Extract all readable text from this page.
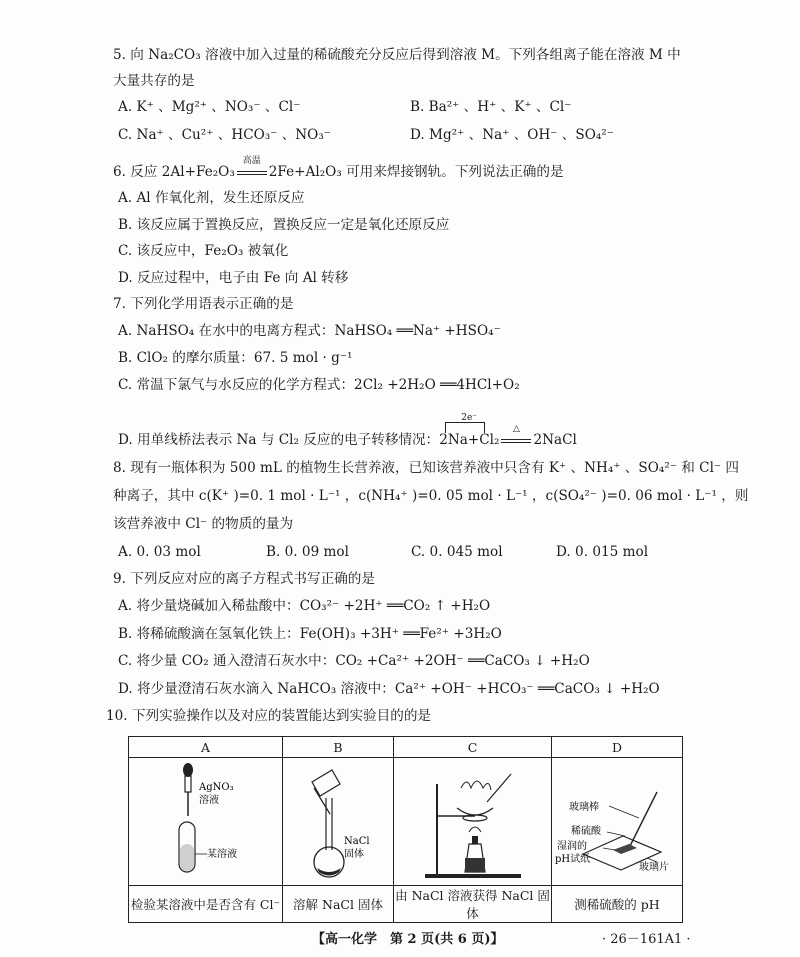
5. 向 Na₂CO₃ 溶液中加入过量的稀硫酸充分反应后得到溶液 M。下列各组离子能在溶液 M 中
大量共存的是
A. K⁺ 、Mg²⁺ 、NO₃⁻ 、Cl⁻	B. Ba²⁺ 、H⁺ 、K⁺ 、Cl⁻
C. Na⁺ 、Cu²⁺ 、HCO₃⁻ 、NO₃⁻	D. Mg²⁺ 、Na⁺ 、OH⁻ 、SO₄²⁻
6. 反应 2Al+Fe₂O₃
高温
2Fe+Al₂O₃ 可用来焊接钢轨。下列说法正确的是
A. Al 作氧化剂，发生还原反应
B. 该反应属于置换反应，置换反应一定是氧化还原反应
C. 该反应中，Fe₂O₃ 被氧化
D. 反应过程中，电子由 Fe 向 Al 转移
7. 下列化学用语表示正确的是
A. NaHSO₄ 在水中的电离方程式：NaHSO₄ ══Na⁺ +HSO₄⁻
B. ClO₂ 的摩尔质量：67. 5 mol · g⁻¹
C. 常温下氯气与水反应的化学方程式：2Cl₂ +2H₂O ══4HCl+O₂
D. 用单线桥法表示 Na 与 Cl₂ 反应的电子转移情况：
2e⁻
2Na+Cl₂
△
2NaCl
8. 现有一瓶体积为 500 mL 的植物生长营养液，已知该营养液中只含有 K⁺ 、NH₄⁺ 、SO₄²⁻ 和 Cl⁻ 四
种离子，其中 c(K⁺ )=0. 1 mol · L⁻¹ ，c(NH₄⁺ )=0. 05 mol · L⁻¹ ，c(SO₄²⁻ )=0. 06 mol · L⁻¹ ，则
该营养液中 Cl⁻ 的物质的量为
A. 0. 03 mol	B. 0. 09 mol	C. 0. 045 mol	D. 0. 015 mol
9. 下列反应对应的离子方程式书写正确的是
A. 将少量烧碱加入稀盐酸中：CO₃²⁻ +2H⁺ ══CO₂ ↑ +H₂O
B. 将稀硫酸滴在氢氧化铁上：Fe(OH)₃ +3H⁺ ══Fe²⁺ +3H₂O
C. 将少量 CO₂ 通入澄清石灰水中：CO₂ +Ca²⁺ +2OH⁻ ══CaCO₃ ↓ +H₂O
D. 将少量澄清石灰水滴入 NaHCO₃ 溶液中：Ca²⁺ +OH⁻ +HCO₃⁻ ══CaCO₃ ↓ +H₂O
10. 下列实验操作以及对应的装置能达到实验目的的是
A	B	C	D

AgNO₃
溶液
某溶液	NaCl
固体		玻璃棒
稀硫酸
湿润的
pH试纸
玻璃片

检验某溶液中是否含有 Cl⁻	溶解 NaCl 固体	由 NaCl 溶液获得 NaCl 固体	测稀硫酸的 pH
【高一化学　第 2 页(共 6 页)】	· 26－161A1 ·
